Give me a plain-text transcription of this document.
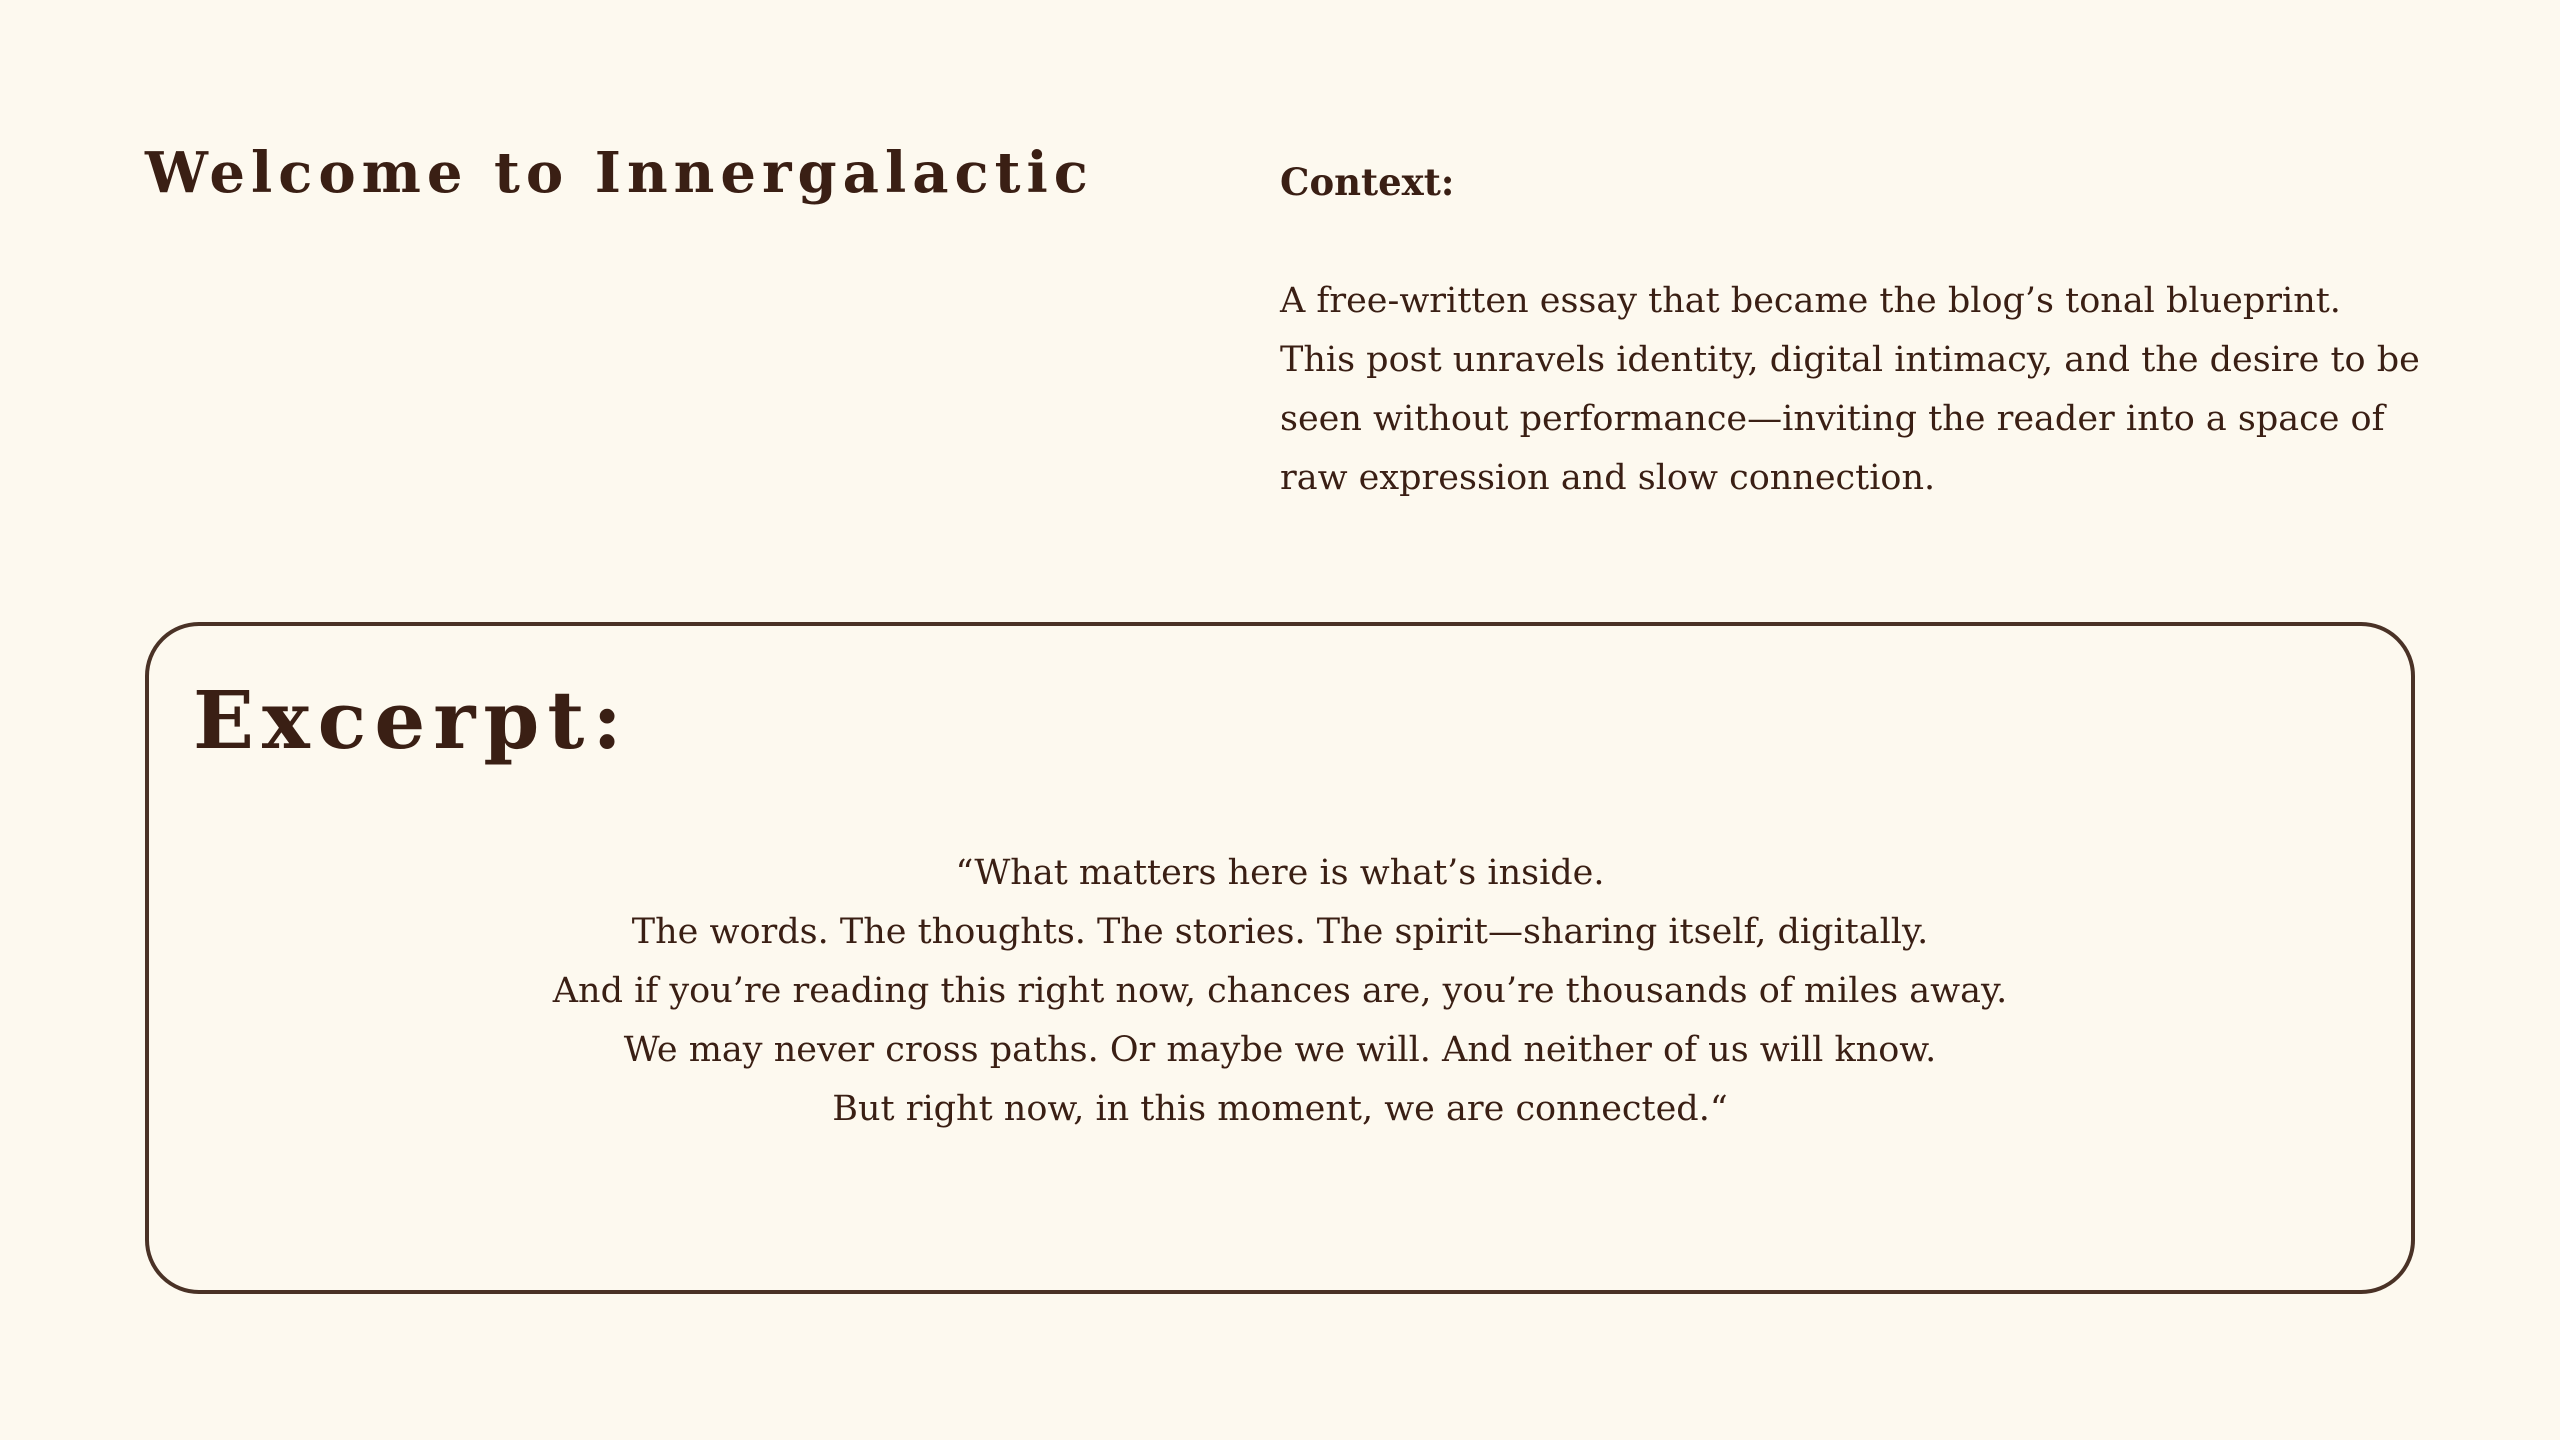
Welcome to Innergalactic	Context:

A free-written essay that became the blog’s tonal blueprint. This post unravels identity, digital intimacy, and the desire to be seen without performance—inviting the reader into a space of raw expression and slow connection.

Excerpt:

“What matters here is what’s inside.
The words. The thoughts. The stories. The spirit—sharing itself, digitally.
And if you’re reading this right now, chances are, you’re thousands of miles away.
We may never cross paths. Or maybe we will. And neither of us will know.
But right now, in this moment, we are connected.“
